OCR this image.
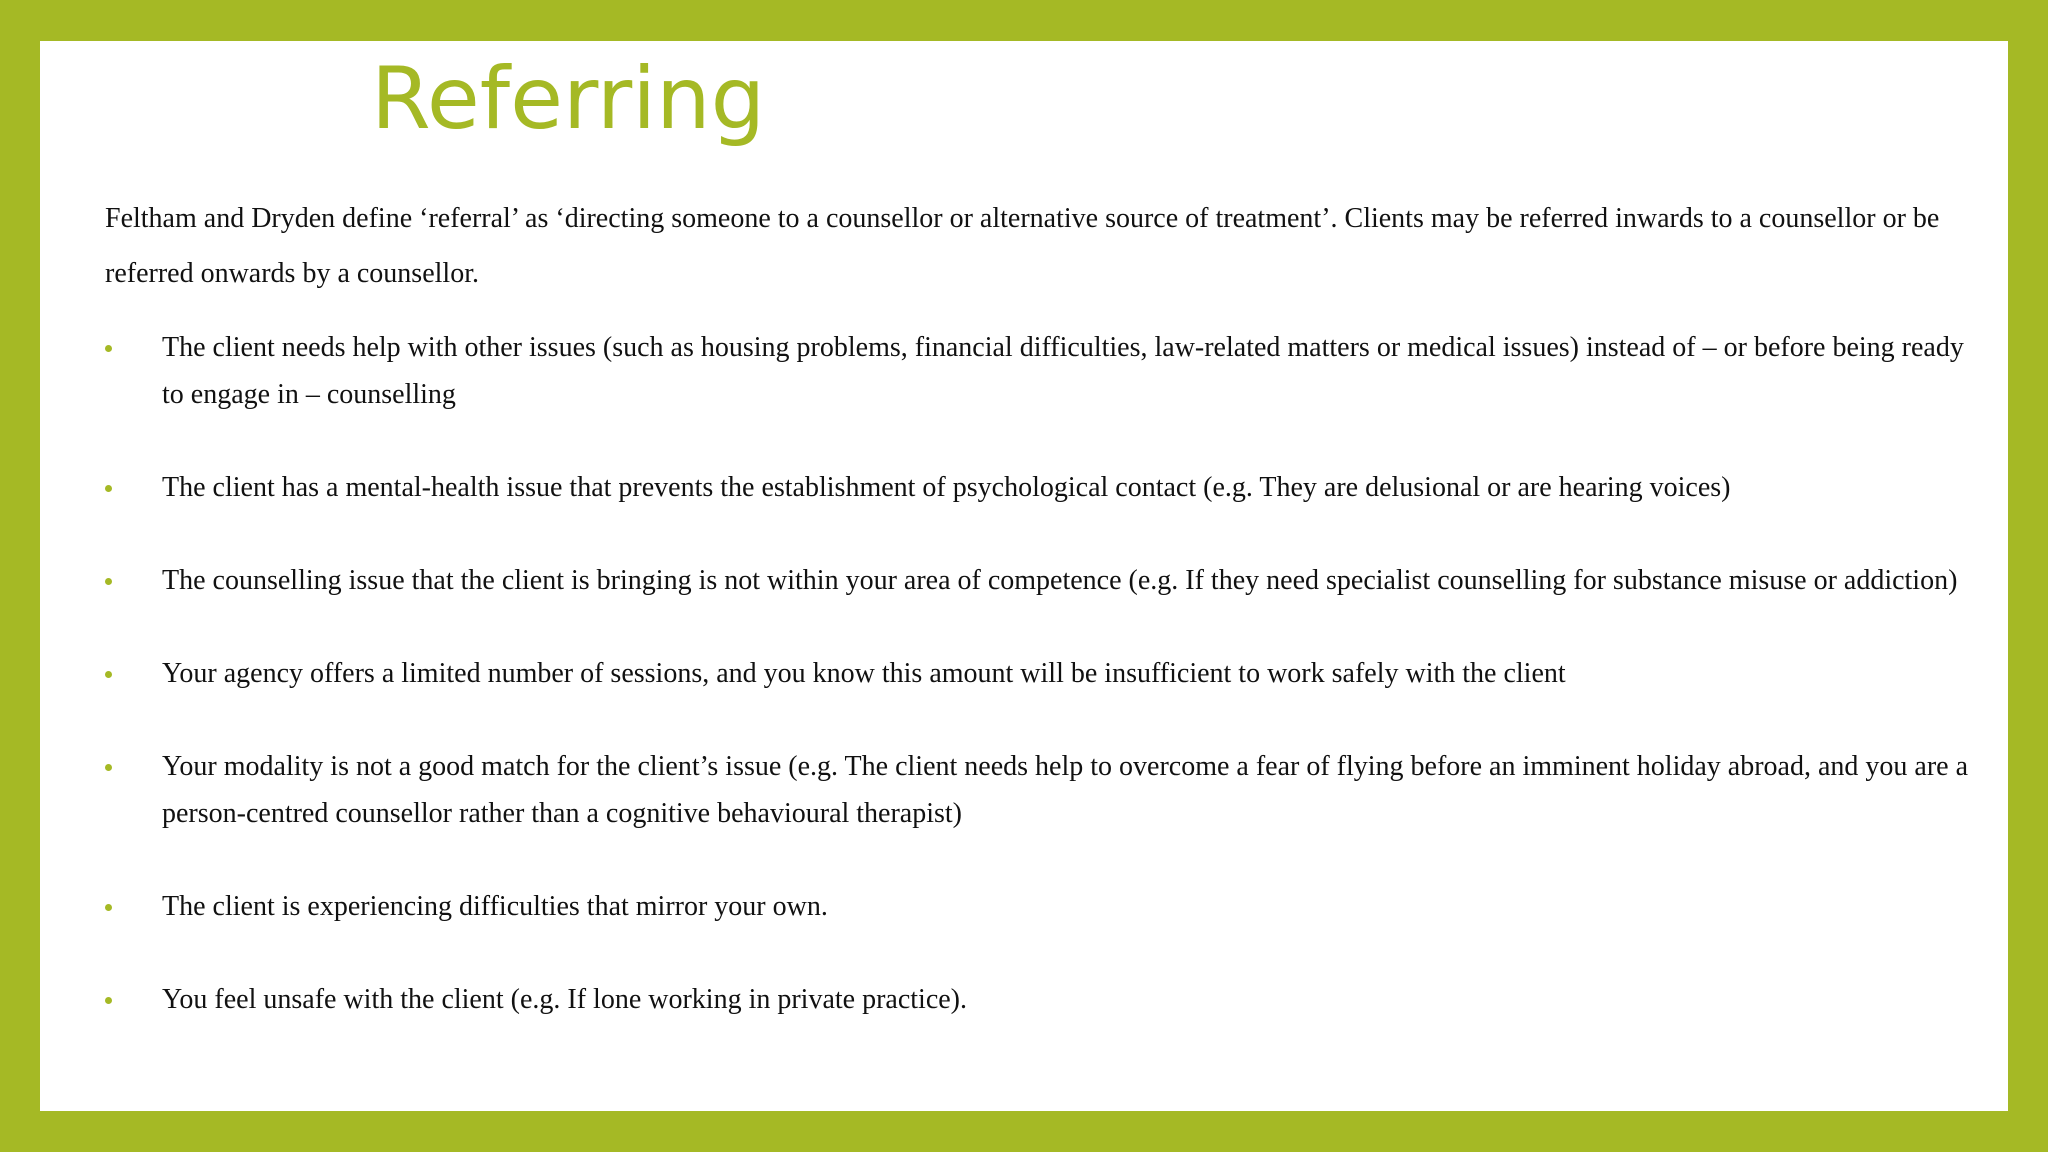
Referring

Feltham and Dryden define ‘referral’ as ‘directing someone to a counsellor or alternative source of treatment’. Clients may be referred inwards to a counsellor or be referred onwards by a counsellor.

The client needs help with other issues (such as housing problems, financial difficulties, law-related matters or medical issues) instead of – or before being ready to engage in – counselling
The client has a mental-health issue that prevents the establishment of psychological contact (e.g. They are delusional or are hearing voices)
The counselling issue that the client is bringing is not within your area of competence (e.g. If they need specialist counselling for substance misuse or addiction)
Your agency offers a limited number of sessions, and you know this amount will be insufficient to work safely with the client
Your modality is not a good match for the client’s issue (e.g. The client needs help to overcome a fear of flying before an imminent holiday abroad, and you are a person-centred counsellor rather than a cognitive behavioural therapist)
The client is experiencing difficulties that mirror your own.
You feel unsafe with the client (e.g. If lone working in private practice).
